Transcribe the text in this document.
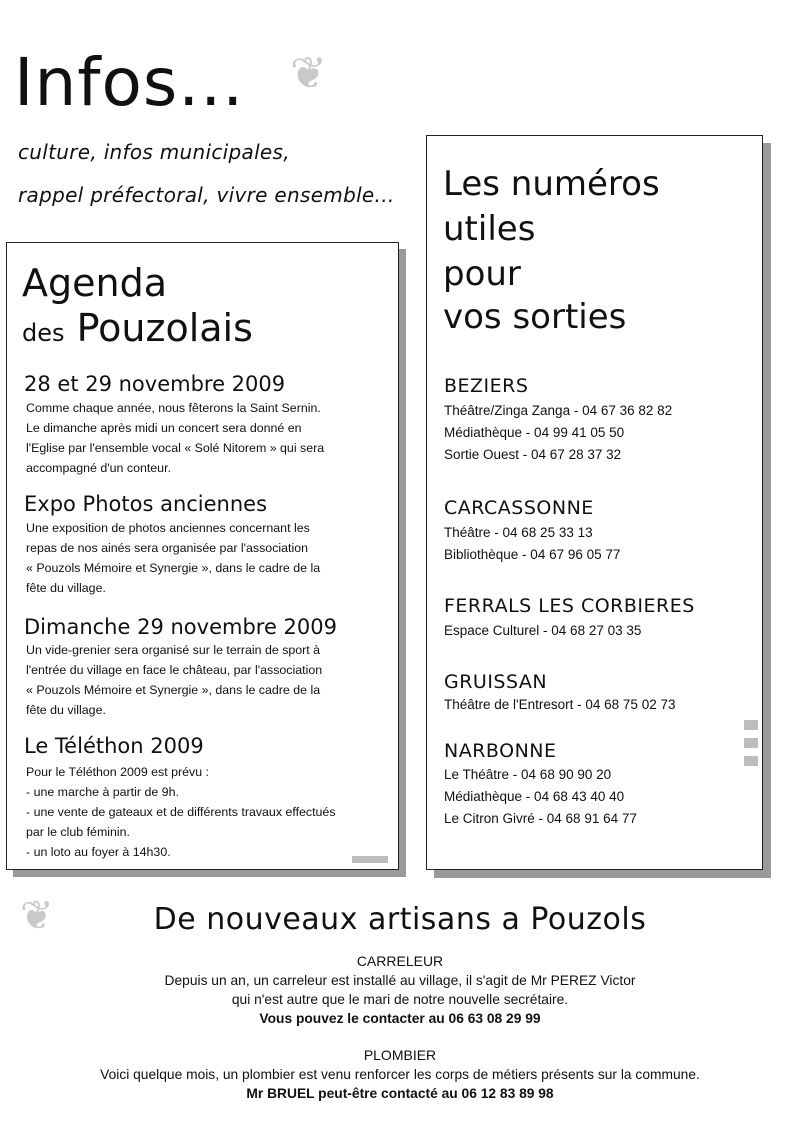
Infos... ❦
culture, infos municipales,
rappel préfectoral, vivre ensemble...
Agenda
des Pouzolais
28 et 29 novembre 2009
Comme chaque année, nous fêterons la Saint Sernin.
Le dimanche après midi un concert sera donné en
l'Eglise par l'ensemble vocal « Solé Nitorem » qui sera
accompagné d'un conteur.
Expo Photos anciennes
Une exposition de photos anciennes concernant les
repas de nos ainés sera organisée par l'association
« Pouzols Mémoire et Synergie », dans le cadre de la
fête du village.
Dimanche 29 novembre 2009
Un vide-grenier sera organisé sur le terrain de sport à
l'entrée du village en face le château, par l'association
« Pouzols Mémoire et Synergie », dans le cadre de la
fête du village.
Le Téléthon 2009
Pour le Téléthon 2009 est prévu :
- une marche à partir de 9h.
- une vente de gateaux et de différents travaux effectués
par le club féminin.
- un loto au foyer à 14h30.
Les numéros
utiles
pour
vos sorties
BEZIERS
Théâtre/Zinga Zanga - 04 67 36 82 82
Médiathèque - 04 99 41 05 50
Sortie Ouest - 04 67 28 37 32
CARCASSONNE
Théâtre - 04 68 25 33 13
Bibliothèque - 04 67 96 05 77
FERRALS LES CORBIERES
Espace Culturel - 04 68 27 03 35
GRUISSAN
Théâtre de l'Entresort - 04 68 75 02 73
NARBONNE
Le Théâtre - 04 68 90 90 20
Médiathèque - 04 68 43 40 40
Le Citron Givré - 04 68 91 64 77
❦	De nouveaux artisans a Pouzols
CARRELEUR
Depuis un an, un carreleur est installé au village, il s'agit de Mr PEREZ Victor
qui n'est autre que le mari de notre nouvelle secrétaire.
Vous pouvez le contacter au 06 63 08 29 99
PLOMBIER
Voici quelque mois, un plombier est venu renforcer les corps de métiers présents sur la commune.
Mr BRUEL peut-être contacté au 06 12 83 89 98
